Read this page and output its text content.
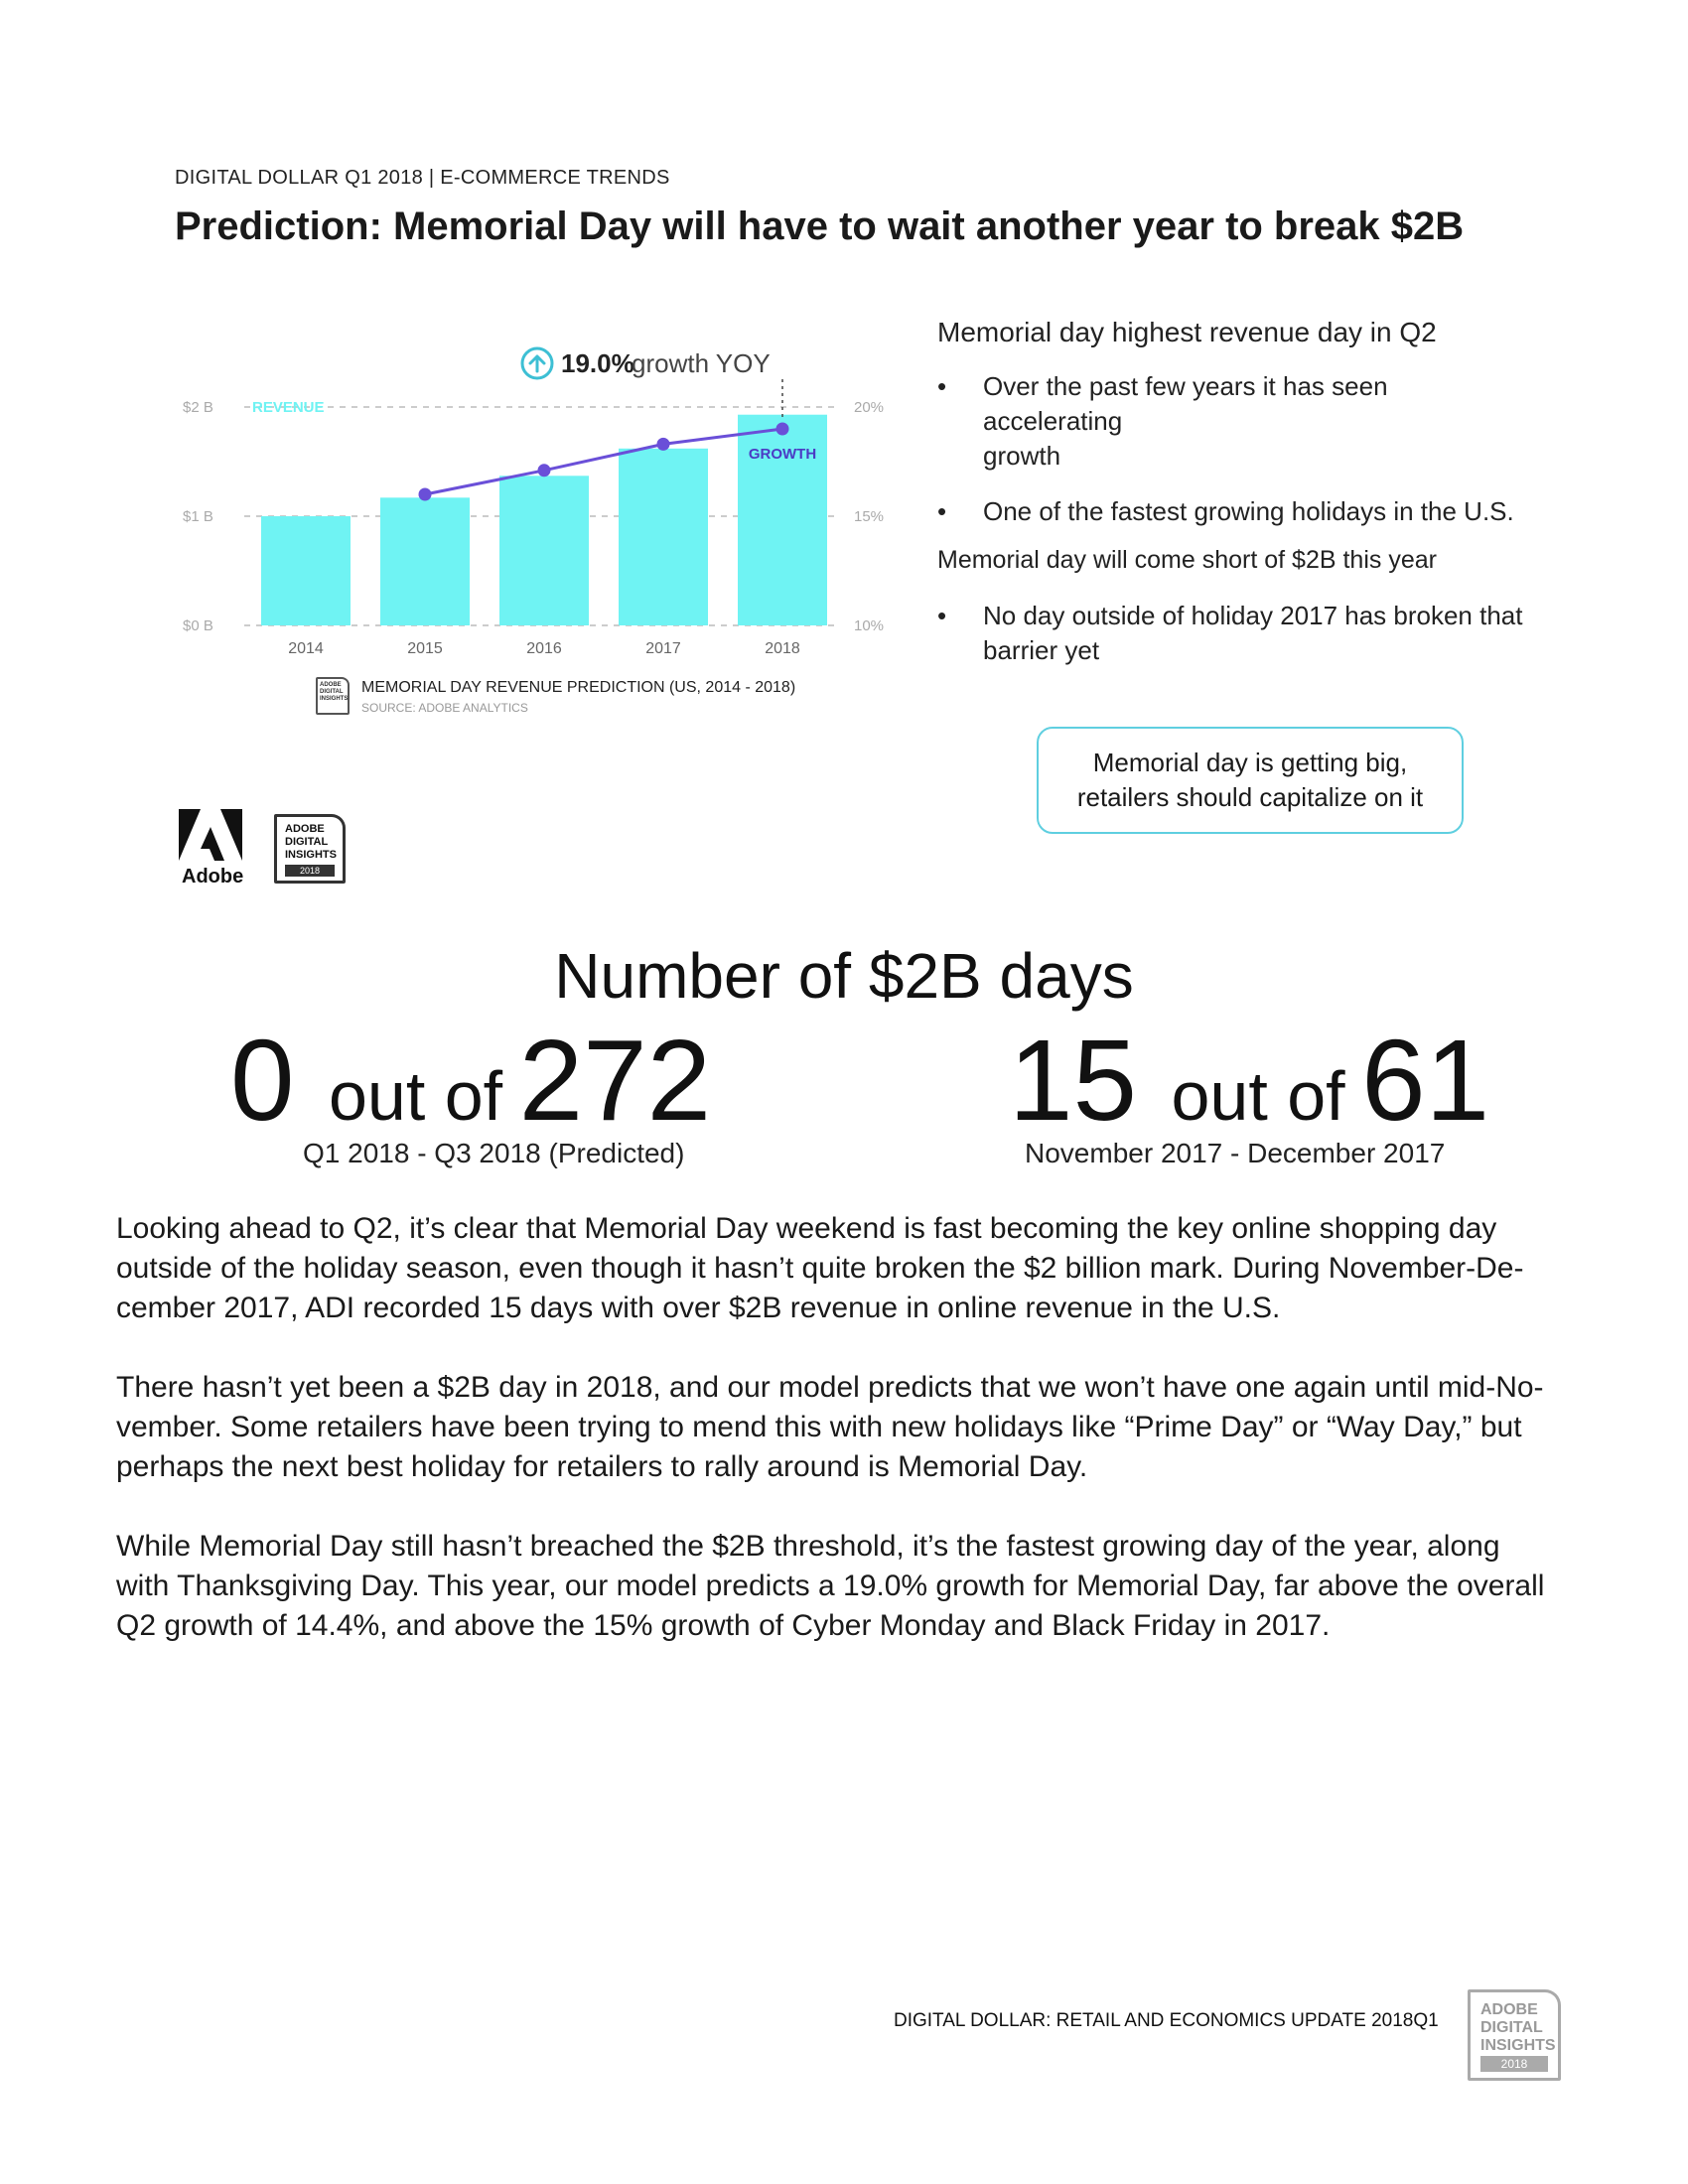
DIGITAL DOLLAR Q1 2018 | E-COMMERCE TRENDS
Prediction: Memorial Day will have to wait another year to break $2B
$0 B
$1 B
$2 B
10%
15%
20%
2014	2015	2016	2017	2018
REVENUE
GROWTH
19.0%
growth YOY
ADOBE DIGITAL INSIGHTS
MEMORIAL DAY REVENUE PREDICTION (US, 2014 - 2018)
SOURCE: ADOBE ANALYTICS

Memorial day highest revenue day in Q2

• Over the past few years it has seen accelerating
growth
• One of the fastest growing holidays in the U.S.

Memorial day will come short of $2B this year

• No day outside of holiday 2017 has broken that
barrier yet
Memorial day is getting big,
retailers should capitalize on it
Adobe
ADOBE
DIGITAL
INSIGHTS
2018
Number of $2B days
0 out of 272
Q1 2018 - Q3 2018 (Predicted)
15 out of 61
November 2017 - December 2017
Looking ahead to Q2, it’s clear that Memorial Day weekend is fast becoming the key online shopping day
outside of the holiday season, even though it hasn’t quite broken the $2 billion mark. During November-De-
cember 2017, ADI recorded 15 days with over $2B revenue in online revenue in the U.S.
There hasn’t yet been a $2B day in 2018, and our model predicts that we won’t have one again until mid-No-
vember. Some retailers have been trying to mend this with new holidays like “Prime Day” or “Way Day,” but
perhaps the next best holiday for retailers to rally around is Memorial Day.
While Memorial Day still hasn’t breached the $2B threshold, it’s the fastest growing day of the year, along
with Thanksgiving Day. This year, our model predicts a 19.0% growth for Memorial Day, far above the overall
Q2 growth of 14.4%, and above the 15% growth of Cyber Monday and Black Friday in 2017.
DIGITAL DOLLAR: RETAIL AND ECONOMICS UPDATE 2018Q1
ADOBE
DIGITAL
INSIGHTS
2018
